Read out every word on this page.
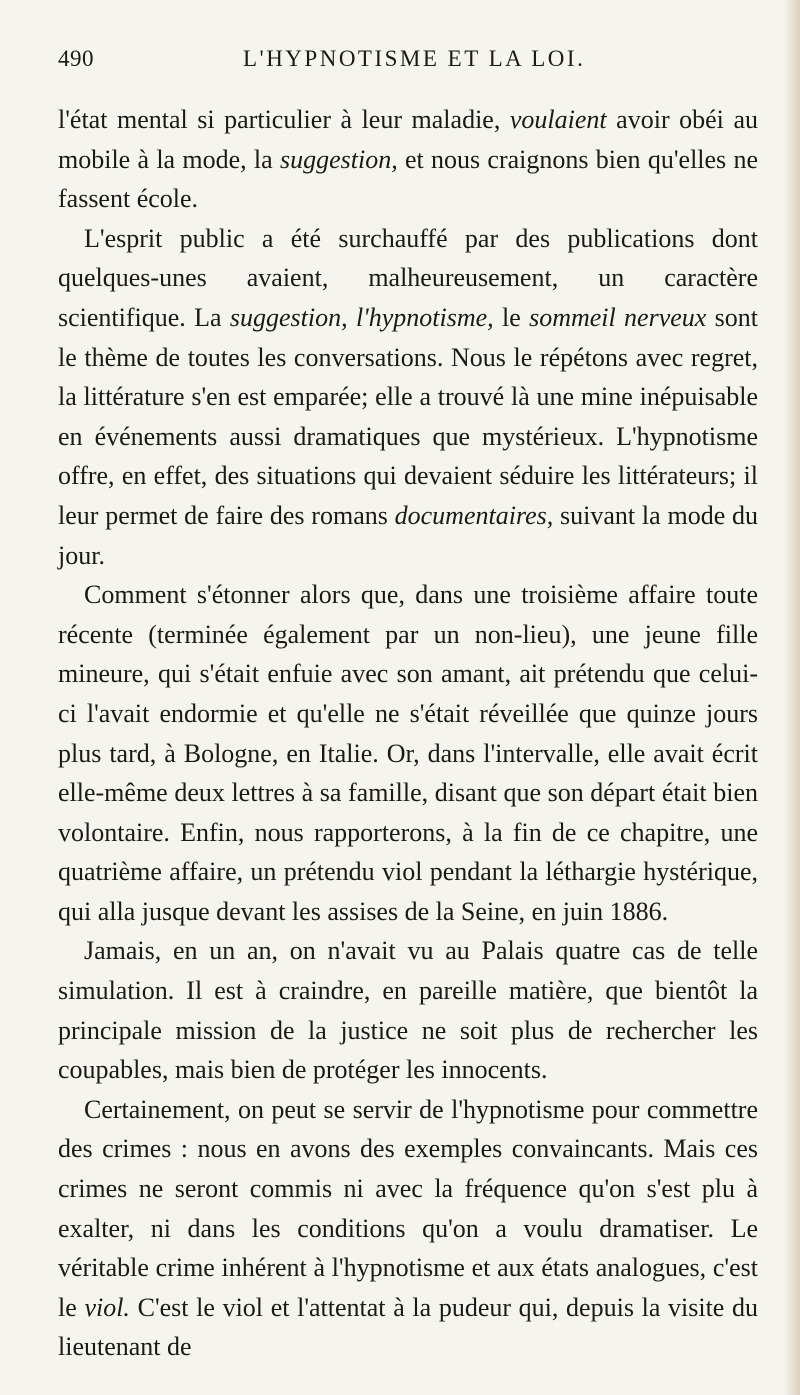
490	L'HYPNOTISME ET LA LOI.

l'état mental si particulier à leur maladie, voulaient avoir obéi au mobile à la mode, la suggestion, et nous craignons bien qu'elles ne fassent école.

L'esprit public a été surchauffé par des publications dont quelques-unes avaient, malheureusement, un caractère scientifique. La suggestion, l'hypnotisme, le sommeil nerveux sont le thème de toutes les conversations. Nous le répétons avec regret, la littérature s'en est emparée; elle a trouvé là une mine inépuisable en événements aussi dramatiques que mystérieux. L'hypnotisme offre, en effet, des situations qui devaient séduire les littérateurs; il leur permet de faire des romans documentaires, suivant la mode du jour.

Comment s'étonner alors que, dans une troisième affaire toute récente (terminée également par un non-lieu), une jeune fille mineure, qui s'était enfuie avec son amant, ait prétendu que celui-ci l'avait endormie et qu'elle ne s'était réveillée que quinze jours plus tard, à Bologne, en Italie. Or, dans l'intervalle, elle avait écrit elle-même deux lettres à sa famille, disant que son départ était bien volontaire. Enfin, nous rapporterons, à la fin de ce chapitre, une quatrième affaire, un prétendu viol pendant la léthargie hystérique, qui alla jusque devant les assises de la Seine, en juin 1886.

Jamais, en un an, on n'avait vu au Palais quatre cas de telle simulation. Il est à craindre, en pareille matière, que bientôt la principale mission de la justice ne soit plus de rechercher les coupables, mais bien de protéger les innocents.

Certainement, on peut se servir de l'hypnotisme pour commettre des crimes : nous en avons des exemples convaincants. Mais ces crimes ne seront commis ni avec la fréquence qu'on s'est plu à exalter, ni dans les conditions qu'on a voulu dramatiser. Le véritable crime inhérent à l'hypnotisme et aux états analogues, c'est le viol. C'est le viol et l'attentat à la pudeur qui, depuis la visite du lieutenant de
